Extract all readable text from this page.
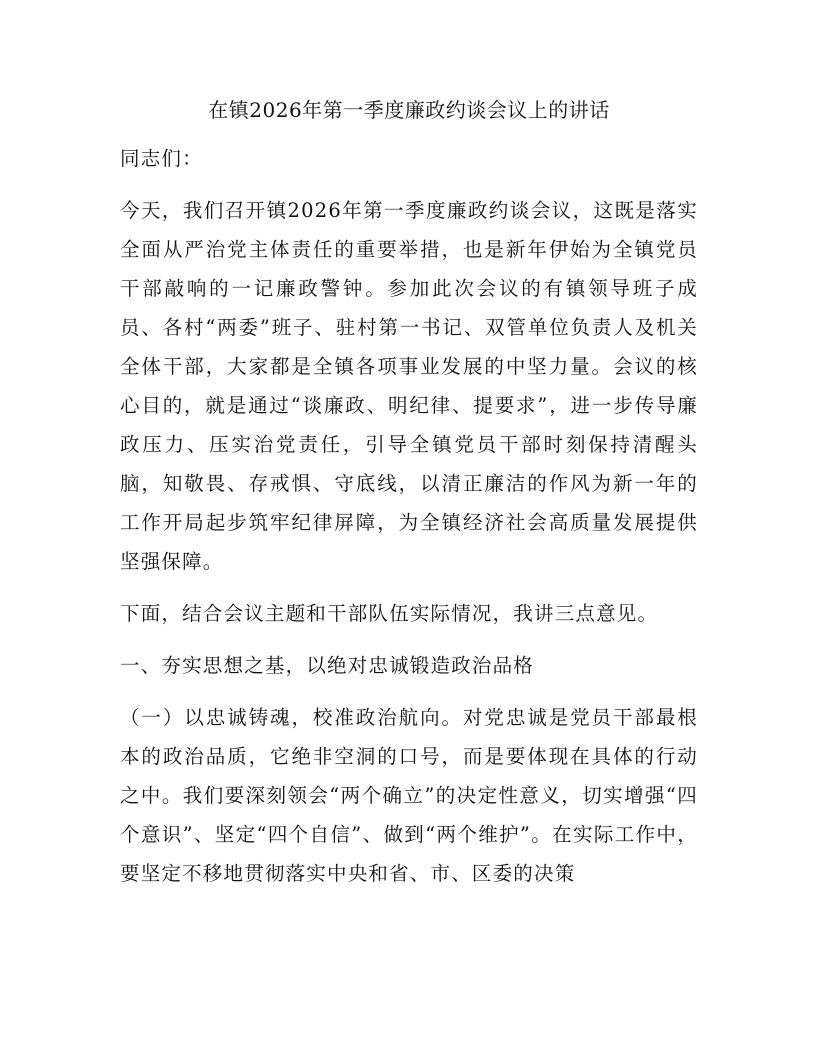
在镇2026年第一季度廉政约谈会议上的讲话

同志们：

今天，我们召开镇2026年第一季度廉政约谈会议，这既是落实全面从严治党主体责任的重要举措，也是新年伊始为全镇党员干部敲响的一记廉政警钟。参加此次会议的有镇领导班子成员、各村“两委”班子、驻村第一书记、双管单位负责人及机关全体干部，大家都是全镇各项事业发展的中坚力量。会议的核心目的，就是通过“谈廉政、明纪律、提要求”，进一步传导廉政压力、压实治党责任，引导全镇党员干部时刻保持清醒头脑，知敬畏、存戒惧、守底线，以清正廉洁的作风为新一年的工作开局起步筑牢纪律屏障，为全镇经济社会高质量发展提供坚强保障。

下面，结合会议主题和干部队伍实际情况，我讲三点意见。

一、夯实思想之基，以绝对忠诚锻造政治品格

（一）以忠诚铸魂，校准政治航向。对党忠诚是党员干部最根本的政治品质，它绝非空洞的口号，而是要体现在具体的行动之中。我们要深刻领会“两个确立”的决定性意义，切实增强“四个意识”、坚定“四个自信”、做到“两个维护”。在实际工作中，要坚定不移地贯彻落实中央和省、市、区委的决策
